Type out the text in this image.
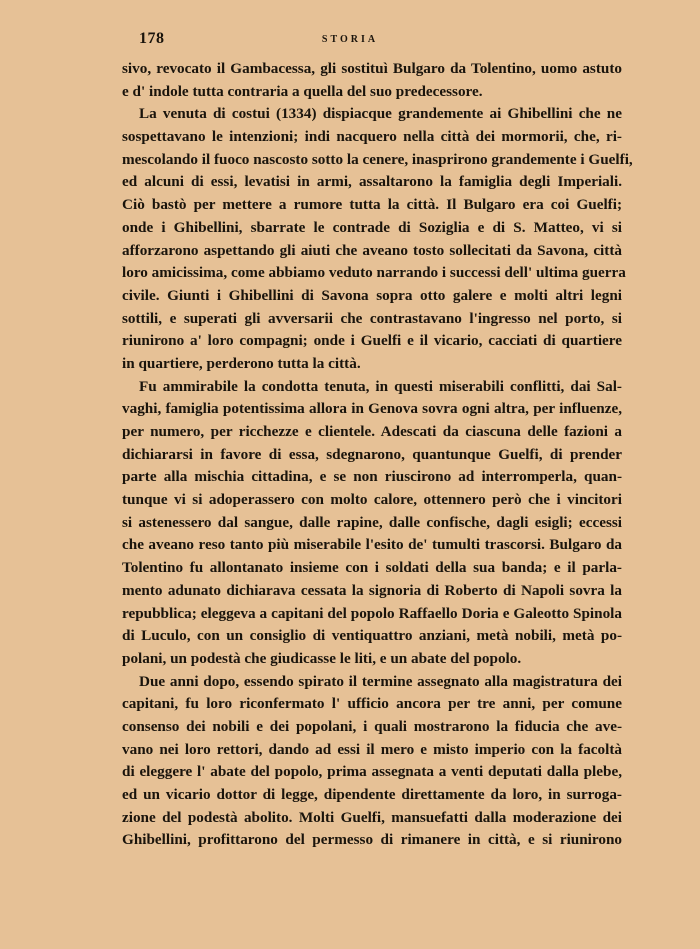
178	STORIA
sivo, revocato il Gambacessa, gli sostituì Bulgaro da Tolentino, uomo astuto
e d' indole tutta contraria a quella del suo predecessore.
La venuta di costui (1334) dispiacque grandemente ai Ghibellini che ne
sospettavano le intenzioni; indi nacquero nella città dei mormorii, che, ri-
mescolando il fuoco nascosto sotto la cenere, inasprirono grandemente i Guelfi,
ed alcuni di essi, levatisi in armi, assaltarono la famiglia degli Imperiali.
Ciò bastò per mettere a rumore tutta la città. Il Bulgaro era coi Guelfi;
onde i Ghibellini, sbarrate le contrade di Soziglia e di S. Matteo, vi si
afforzarono aspettando gli aiuti che aveano tosto sollecitati da Savona, città
loro amicissima, come abbiamo veduto narrando i successi dell' ultima guerra
civile. Giunti i Ghibellini di Savona sopra otto galere e molti altri legni
sottili, e superati gli avversarii che contrastavano l'ingresso nel porto, si
riunirono a' loro compagni; onde i Guelfi e il vicario, cacciati di quartiere
in quartiere, perderono tutta la città.
Fu ammirabile la condotta tenuta, in questi miserabili conflitti, dai Sal-
vaghi, famiglia potentissima allora in Genova sovra ogni altra, per influenze,
per numero, per ricchezze e clientele. Adescati da ciascuna delle fazioni a
dichiararsi in favore di essa, sdegnarono, quantunque Guelfi, di prender
parte alla mischia cittadina, e se non riuscirono ad interromperla, quan-
tunque vi si adoperassero con molto calore, ottennero però che i vincitori
si astenessero dal sangue, dalle rapine, dalle confische, dagli esigli; eccessi
che aveano reso tanto più miserabile l'esito de' tumulti trascorsi. Bulgaro da
Tolentino fu allontanato insieme con i soldati della sua banda; e il parla-
mento adunato dichiarava cessata la signoria di Roberto di Napoli sovra la
repubblica; eleggeva a capitani del popolo Raffaello Doria e Galeotto Spinola
di Luculo, con un consiglio di ventiquattro anziani, metà nobili, metà po-
polani, un podestà che giudicasse le liti, e un abate del popolo.
Due anni dopo, essendo spirato il termine assegnato alla magistratura dei
capitani, fu loro riconfermato l' ufficio ancora per tre anni, per comune
consenso dei nobili e dei popolani, i quali mostrarono la fiducia che ave-
vano nei loro rettori, dando ad essi il mero e misto imperio con la facoltà
di eleggere l' abate del popolo, prima assegnata a venti deputati dalla plebe,
ed un vicario dottor di legge, dipendente direttamente da loro, in surroga-
zione del podestà abolito. Molti Guelfi, mansuefatti dalla moderazione dei
Ghibellini, profittarono del permesso di rimanere in città, e si riunirono
